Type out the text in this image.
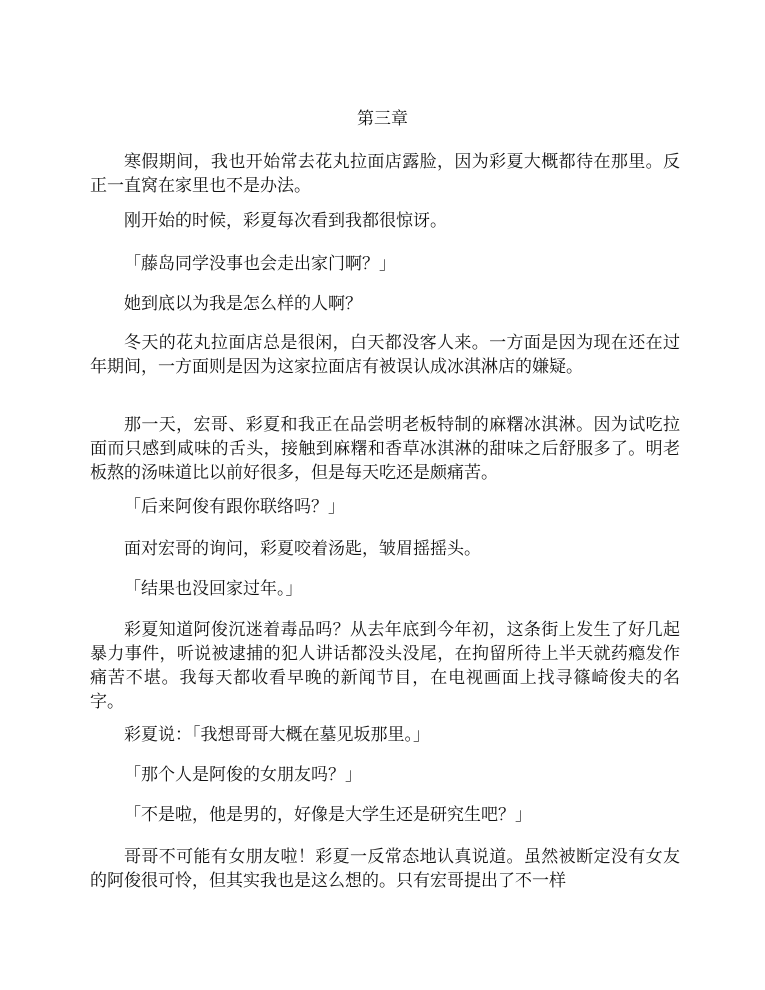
第三章

寒假期间，我也开始常去花丸拉面店露脸，因为彩夏大概都待在那里。反正一直窝在家里也不是办法。

刚开始的时候，彩夏每次看到我都很惊讶。

「藤岛同学没事也会走出家门啊？」

她到底以为我是怎么样的人啊？

冬天的花丸拉面店总是很闲，白天都没客人来。一方面是因为现在还在过年期间，一方面则是因为这家拉面店有被误认成冰淇淋店的嫌疑。

那一天，宏哥、彩夏和我正在品尝明老板特制的麻糬冰淇淋。因为试吃拉面而只感到咸味的舌头，接触到麻糬和香草冰淇淋的甜味之后舒服多了。明老板熬的汤味道比以前好很多，但是每天吃还是颇痛苦。

「后来阿俊有跟你联络吗？」

面对宏哥的询问，彩夏咬着汤匙，皱眉摇摇头。

「结果也没回家过年。」

彩夏知道阿俊沉迷着毒品吗？从去年底到今年初，这条街上发生了好几起暴力事件，听说被逮捕的犯人讲话都没头没尾，在拘留所待上半天就药瘾发作痛苦不堪。我每天都收看早晚的新闻节目，在电视画面上找寻篠崎俊夫的名字。

彩夏说：「我想哥哥大概在墓见坂那里。」

「那个人是阿俊的女朋友吗？」

「不是啦，他是男的，好像是大学生还是研究生吧？」

哥哥不可能有女朋友啦！彩夏一反常态地认真说道。虽然被断定没有女友的阿俊很可怜，但其实我也是这么想的。只有宏哥提出了不一样
